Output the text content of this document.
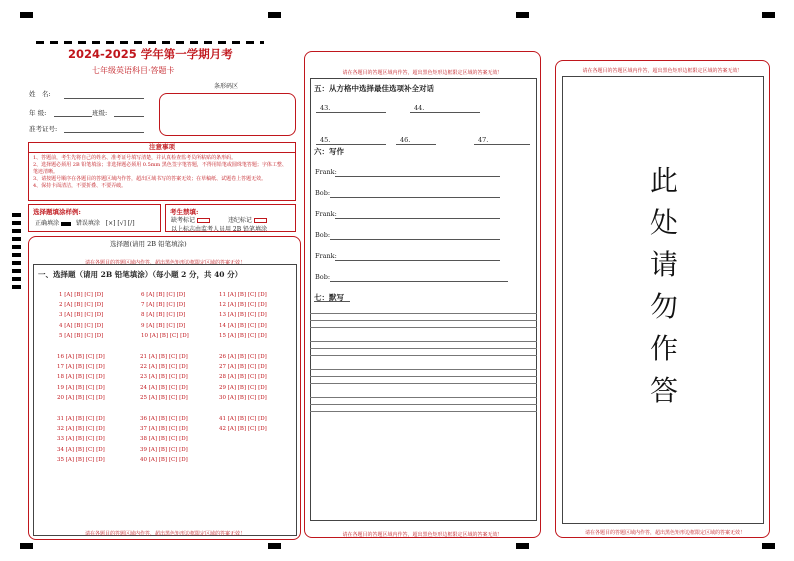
2024-2025 学年第一学期月考
七年级英语科目·答题卡
条形码区
姓　名:
年 级:	班级:
准考证号:
注意事项
1、答题前，考生先将自己的姓名、准考证号填写清楚，并认真检查监考员所粘贴的条形码。
2、选择题必须用 2B 铅笔填涂；非选择题必须用 0.5mm 黑色签字笔答题，不得用铅笔或圆珠笔答题；字体工整、笔迹清晰。
3、请按题号顺序在各题目的答题区域内作答，超出区域书写的答案无效；在草稿纸、试题卷上答题无效。
4、保持卡面清洁，不要折叠、不要弄破。
选择题填涂样例:
正确填涂	错误填涂 [×] [√] [/]
考生禁填:
缺考标记	违纪标记
以上标志由监考人员用 2B 铅笔填涂
选择题(请用 2B 铅笔填涂)
请在各题目的答题区域内作答，超出黑色矩形边框限定区域的答案无效！
一、选择题（请用 2B 铅笔填涂）（每小题 2 分，共 40 分）
1 [A] [B] [C] [D]
2 [A] [B] [C] [D]
3 [A] [B] [C] [D]
4 [A] [B] [C] [D]
5 [A] [B] [C] [D]
6 [A] [B] [C] [D]
7 [A] [B] [C] [D]
8 [A] [B] [C] [D]
9 [A] [B] [C] [D]
10 [A] [B] [C] [D]
11 [A] [B] [C] [D]
12 [A] [B] [C] [D]
13 [A] [B] [C] [D]
14 [A] [B] [C] [D]
15 [A] [B] [C] [D]
16 [A] [B] [C] [D]
17 [A] [B] [C] [D]
18 [A] [B] [C] [D]
19 [A] [B] [C] [D]
20 [A] [B] [C] [D]
21 [A] [B] [C] [D]
22 [A] [B] [C] [D]
23 [A] [B] [C] [D]
24 [A] [B] [C] [D]
25 [A] [B] [C] [D]
26 [A] [B] [C] [D]
27 [A] [B] [C] [D]
28 [A] [B] [C] [D]
29 [A] [B] [C] [D]
30 [A] [B] [C] [D]
31 [A] [B] [C] [D]
32 [A] [B] [C] [D]
33 [A] [B] [C] [D]
34 [A] [B] [C] [D]
35 [A] [B] [C] [D]
36 [A] [B] [C] [D]
37 [A] [B] [C] [D]
38 [A] [B] [C] [D]
39 [A] [B] [C] [D]
40 [A] [B] [C] [D]
41 [A] [B] [C] [D]
42 [A] [B] [C] [D]
请在各题目的答题区域内作答，超出黑色矩形边框限定区域的答案无效！
请在各题目的答题区域内作答，超出黑色矩形边框限定区域的答案无效！
五：从方格中选择最佳选项补全对话
43.	44.
45.	46.	47.
六：写作
Frank:
Bob:
Frank:
Bob:
Frank:
Bob:
七：默写
请在各题目的答题区域内作答，超出黑色矩形边框限定区域的答案无效！
请在各题目的答题区域内作答，超出黑色矩形边框限定区域的答案无效！
此
处
请
勿
作
答
请在各题目的答题区域内作答，超出黑色矩形边框限定区域的答案无效！
